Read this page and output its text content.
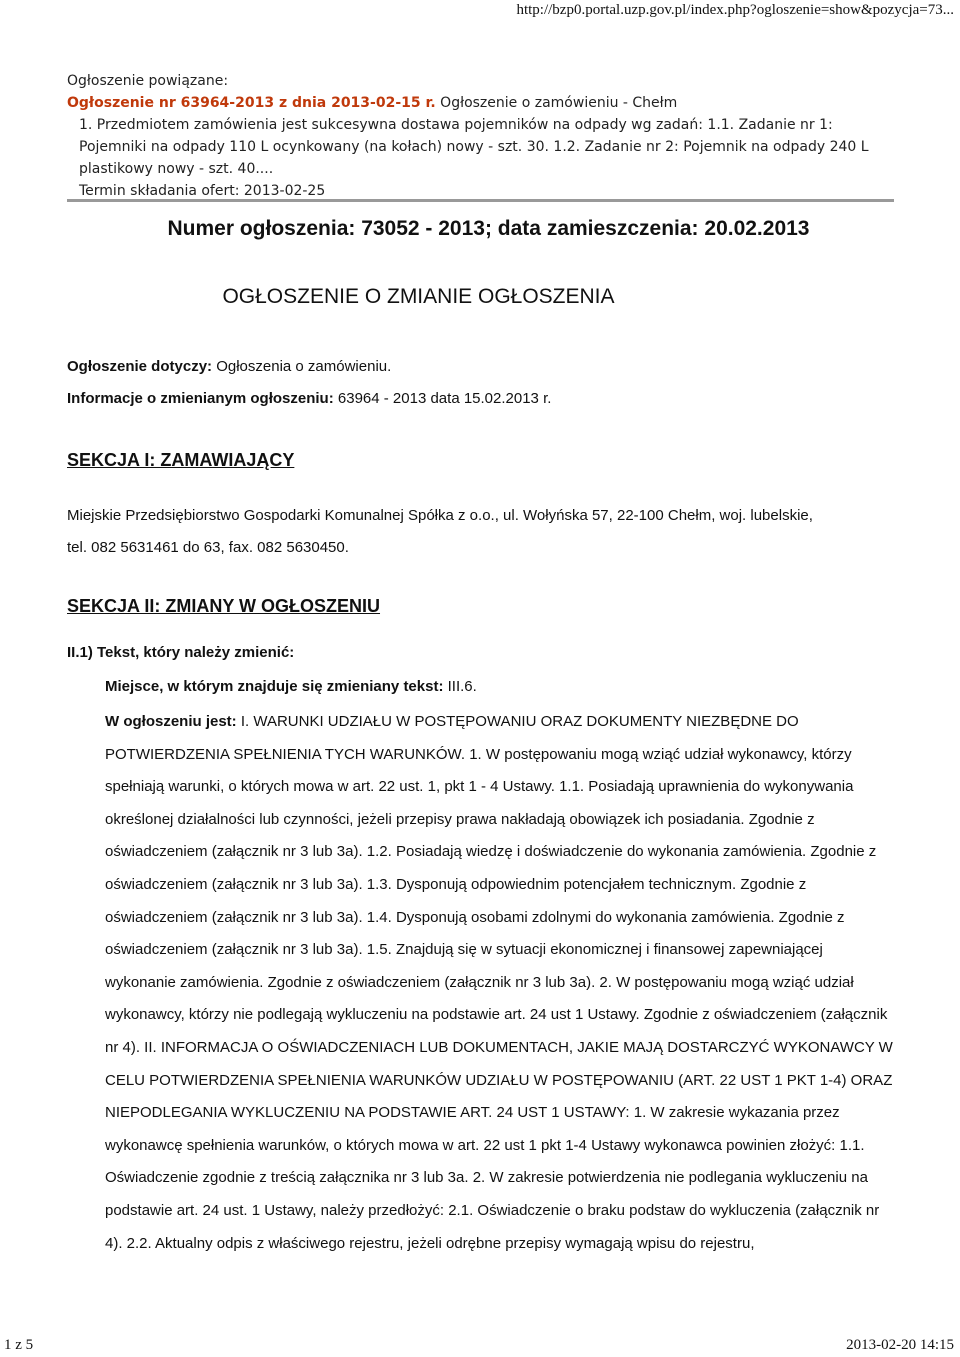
http://bzp0.portal.uzp.gov.pl/index.php?ogloszenie=show&pozycja=73...
Ogłoszenie powiązane:
Ogłoszenie nr 63964-2013 z dnia 2013-02-15 r. Ogłoszenie o zamówieniu - Chełm
1. Przedmiotem zamówienia jest sukcesywna dostawa pojemników na odpady wg zadań: 1.1. Zadanie nr 1:
Pojemniki na odpady 110 L ocynkowany (na kołach) nowy - szt. 30. 1.2. Zadanie nr 2: Pojemnik na odpady 240 L
plastikowy nowy - szt. 40....
Termin składania ofert: 2013-02-25
Numer ogłoszenia: 73052 - 2013; data zamieszczenia: 20.02.2013
OGŁOSZENIE O ZMIANIE OGŁOSZENIA
Ogłoszenie dotyczy: Ogłoszenia o zamówieniu.
Informacje o zmienianym ogłoszeniu: 63964 - 2013 data 15.02.2013 r.
SEKCJA I: ZAMAWIAJĄCY
Miejskie Przedsiębiorstwo Gospodarki Komunalnej Spółka z o.o., ul. Wołyńska 57, 22-100 Chełm, woj. lubelskie,
tel. 082 5631461 do 63, fax. 082 5630450.
SEKCJA II: ZMIANY W OGŁOSZENIU
II.1) Tekst, który należy zmienić:
Miejsce, w którym znajduje się zmieniany tekst: III.6.
W ogłoszeniu jest: I. WARUNKI UDZIAŁU W POSTĘPOWANIU ORAZ DOKUMENTY NIEZBĘDNE DO POTWIERDZENIA SPEŁNIENIA TYCH WARUNKÓW. 1. W postępowaniu mogą wziąć udział wykonawcy, którzy spełniają warunki, o których mowa w art. 22 ust. 1, pkt 1 - 4 Ustawy. 1.1. Posiadają uprawnienia do wykonywania określonej działalności lub czynności, jeżeli przepisy prawa nakładają obowiązek ich posiadania. Zgodnie z oświadczeniem (załącznik nr 3 lub 3a). 1.2. Posiadają wiedzę i doświadczenie do wykonania zamówienia. Zgodnie z oświadczeniem (załącznik nr 3 lub 3a). 1.3. Dysponują odpowiednim potencjałem technicznym. Zgodnie z oświadczeniem (załącznik nr 3 lub 3a). 1.4. Dysponują osobami zdolnymi do wykonania zamówienia. Zgodnie z oświadczeniem (załącznik nr 3 lub 3a). 1.5. Znajdują się w sytuacji ekonomicznej i finansowej zapewniającej wykonanie zamówienia. Zgodnie z oświadczeniem (załącznik nr 3 lub 3a). 2. W postępowaniu mogą wziąć udział wykonawcy, którzy nie podlegają wykluczeniu na podstawie art. 24 ust 1 Ustawy. Zgodnie z oświadczeniem (załącznik nr 4). II. INFORMACJA O OŚWIADCZENIACH LUB DOKUMENTACH, JAKIE MAJĄ DOSTARCZYĆ WYKONAWCY W CELU POTWIERDZENIA SPEŁNIENIA WARUNKÓW UDZIAŁU W POSTĘPOWANIU (ART. 22 UST 1 PKT 1-4) ORAZ NIEPODLEGANIA WYKLUCZENIU NA PODSTAWIE ART. 24 UST 1 USTAWY: 1. W zakresie wykazania przez wykonawcę spełnienia warunków, o których mowa w art. 22 ust 1 pkt 1-4 Ustawy wykonawca powinien złożyć: 1.1. Oświadczenie zgodnie z treścią załącznika nr 3 lub 3a. 2. W zakresie potwierdzenia nie podlegania wykluczeniu na podstawie art. 24 ust. 1 Ustawy, należy przedłożyć: 2.1. Oświadczenie o braku podstaw do wykluczenia (załącznik nr 4). 2.2. Aktualny odpis z właściwego rejestru, jeżeli odrębne przepisy wymagają wpisu do rejestru,
1 z 5	2013-02-20 14:15
